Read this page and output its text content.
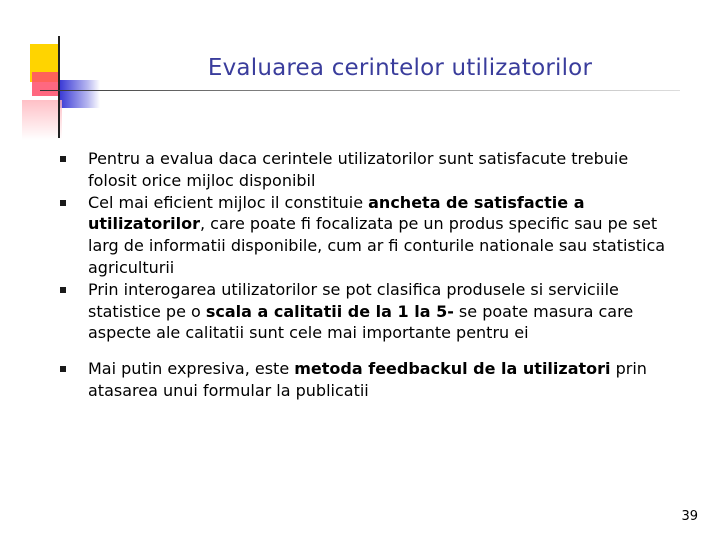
Evaluarea cerintelor utilizatorilor
Pentru a evalua daca cerintele utilizatorilor sunt satisfacute trebuie folosit orice mijloc disponibil
Cel mai eficient mijloc il constituie ancheta de satisfactie a utilizatorilor, care poate fi focalizata pe un produs specific sau pe set larg de informatii disponibile, cum ar fi conturile nationale sau statistica agriculturii
Prin interogarea utilizatorilor se pot clasifica produsele si serviciile statistice pe o scala a calitatii de la 1 la 5- se poate masura care aspecte ale calitatii sunt cele mai importante pentru ei
Mai putin expresiva, este metoda feedbackul de la utilizatori prin atasarea unui formular la publicatii
39
